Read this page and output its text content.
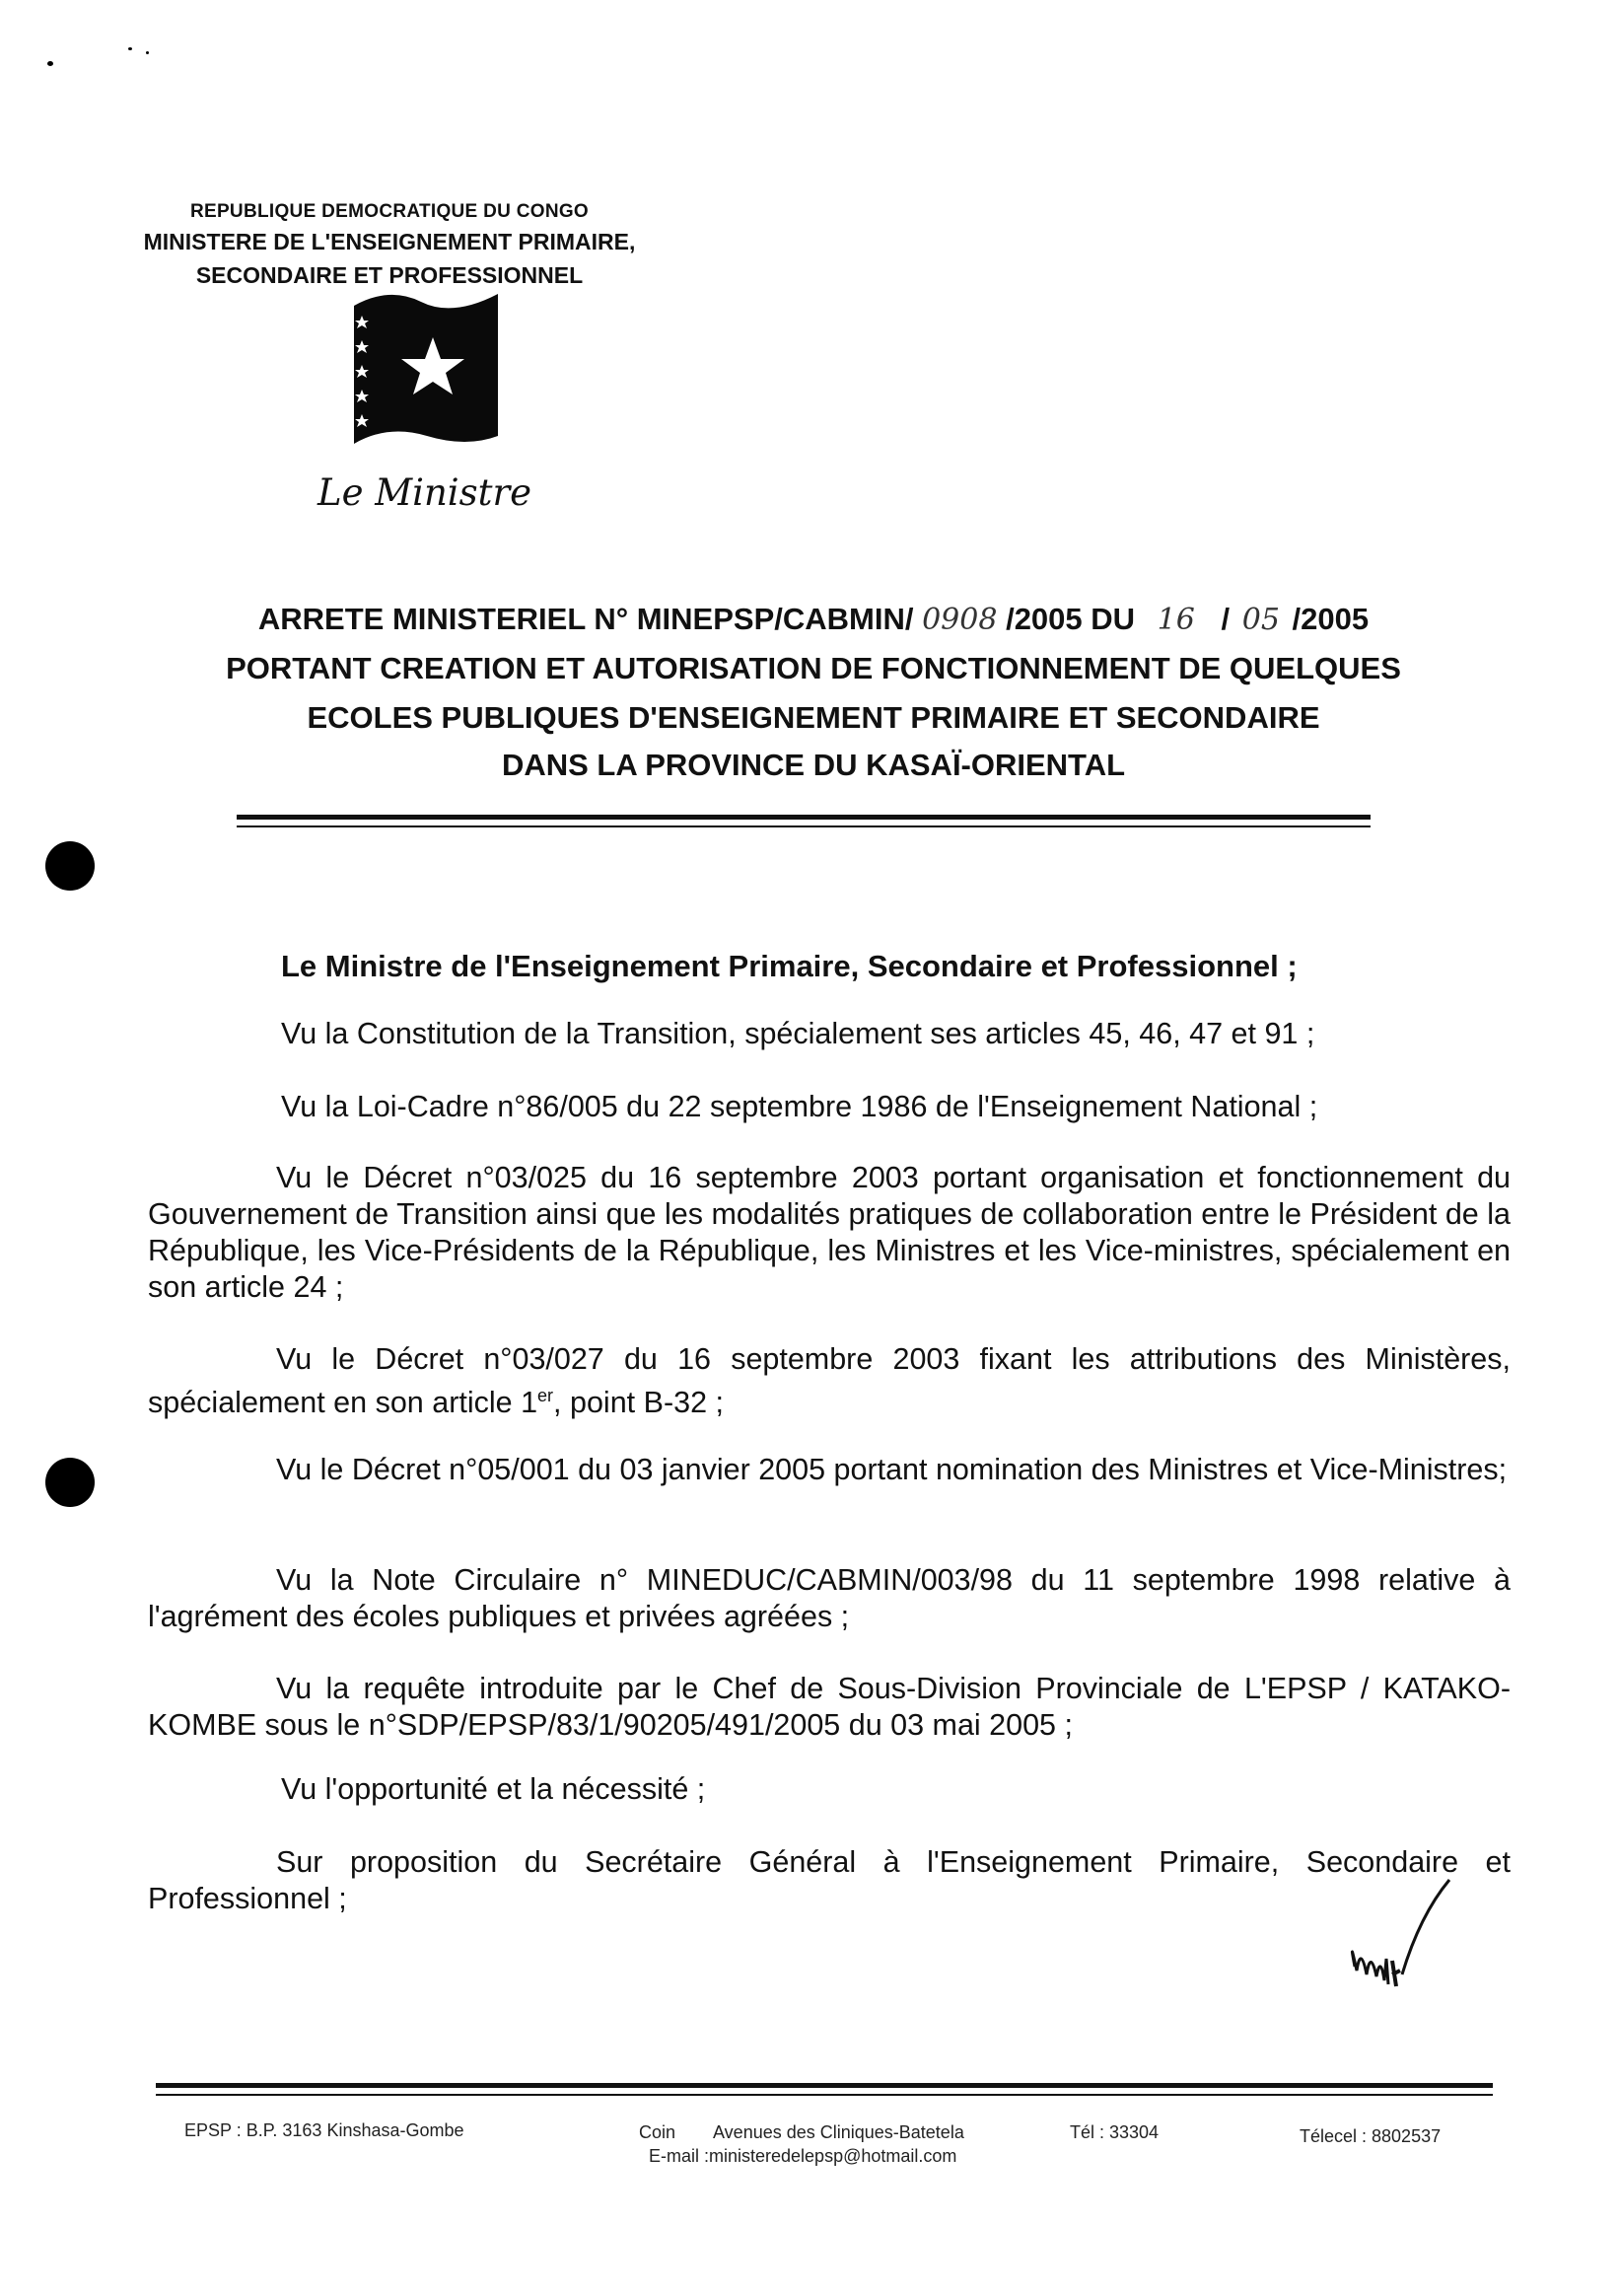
REPUBLIQUE DEMOCRATIQUE DU CONGO
MINISTERE DE L'ENSEIGNEMENT PRIMAIRE,
SECONDAIRE ET PROFESSIONNEL
Le Ministre
ARRETE MINISTERIEL N° MINEPSP/CABMIN/ 0908 /2005 DU 16 / 05 /2005
PORTANT CREATION ET AUTORISATION DE FONCTIONNEMENT DE QUELQUES
ECOLES PUBLIQUES D'ENSEIGNEMENT PRIMAIRE ET SECONDAIRE
DANS LA PROVINCE DU KASAÏ-ORIENTAL
Le Ministre de l'Enseignement Primaire, Secondaire et Professionnel ;
Vu la Constitution de la Transition, spécialement ses articles 45, 46, 47 et 91 ;
Vu la Loi-Cadre n°86/005 du 22 septembre 1986 de l'Enseignement National ;
Vu le Décret n°03/025 du 16 septembre 2003 portant organisation et fonctionnement du Gouvernement de Transition ainsi que les modalités pratiques de collaboration entre le Président de la République, les Vice-Présidents de la République, les Ministres et les Vice-ministres, spécialement en son article 24 ;
Vu le Décret n°03/027 du 16 septembre 2003 fixant les attributions des Ministères, spécialement en son article 1er, point B-32 ;
Vu le Décret n°05/001 du 03 janvier 2005 portant nomination des Ministres et Vice-Ministres;
Vu la Note Circulaire n° MINEDUC/CABMIN/003/98 du 11 septembre 1998 relative à l'agrément des écoles publiques et privées agréées ;
Vu la requête introduite par le Chef de Sous-Division Provinciale de L'EPSP / KATAKO-KOMBE sous le n°SDP/EPSP/83/1/90205/491/2005 du 03 mai 2005 ;
Vu l'opportunité et la nécessité ;
Sur proposition du Secrétaire Général à l'Enseignement Primaire, Secondaire et Professionnel ;
EPSP : B.P. 3163 Kinshasa-Gombe	Coin Avenues des Cliniques-Batetela
E-mail :ministeredelepsp@hotmail.com
Tél : 33304	Télecel : 8802537
